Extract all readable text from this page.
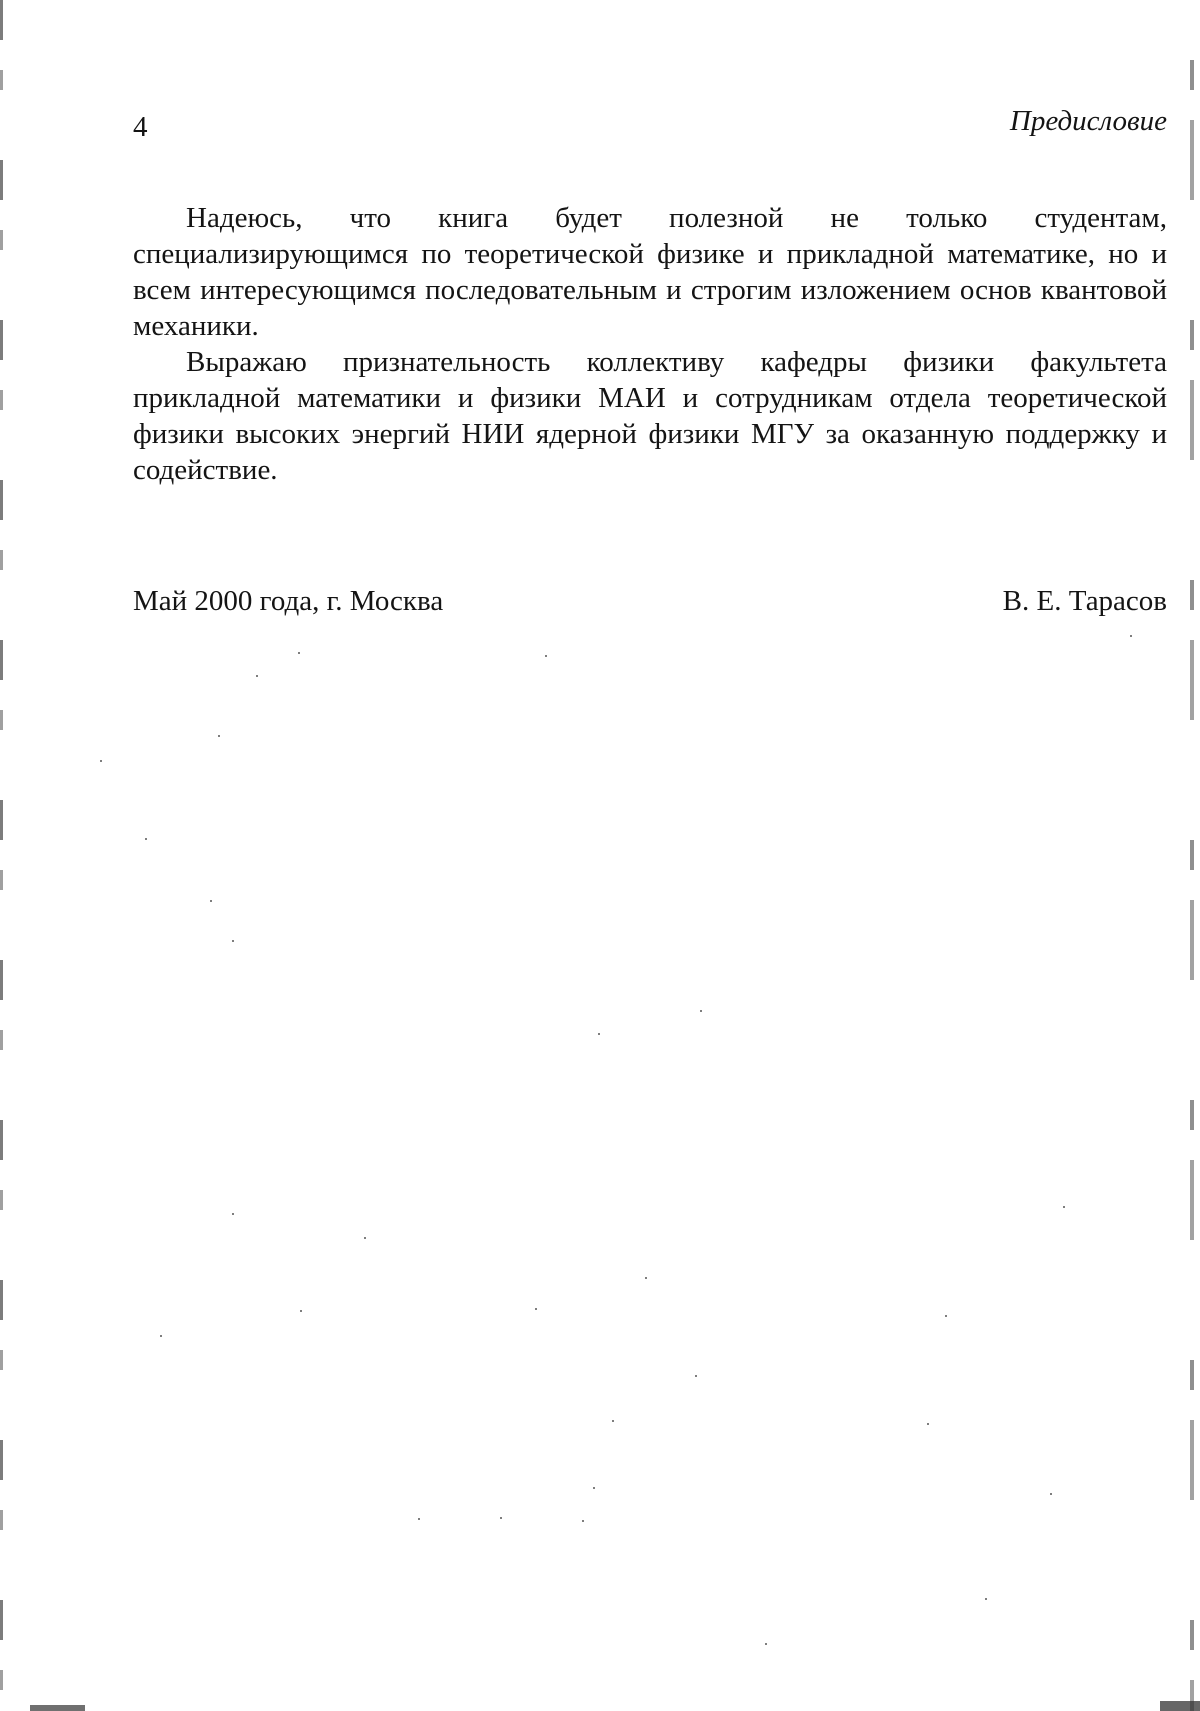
4	Предисловие

Надеюсь, что книга будет полезной не только студентам, специализирующимся по теоретической физике и прикладной математике, но и всем интересующимся последовательным и строгим изложением основ квантовой механики.

Выражаю признательность коллективу кафедры физики факультета прикладной математики и физики МАИ и сотрудникам отдела теоретической физики высоких энергий НИИ ядерной физики МГУ за оказанную поддержку и содействие.

Май 2000 года, г. Москва	В. Е. Тарасов
